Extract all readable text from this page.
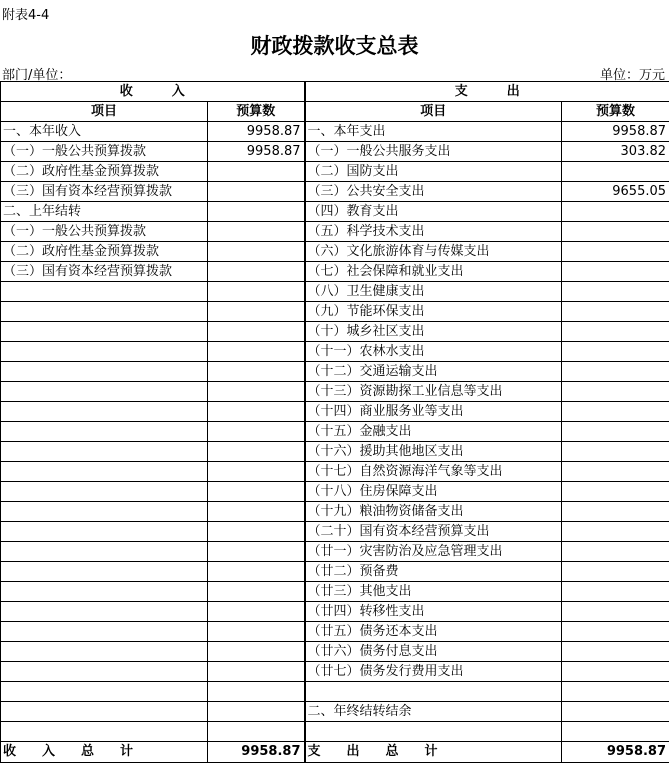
附表4-4
财政拨款收支总表
部门/单位：	单位：万元
收　　　入		支　　　出	
项目	预算数	项目	预算数
一、本年收入	9958.87	一、本年支出	9958.87
（一）一般公共预算拨款	9958.87	（一）一般公共服务支出	303.82
（二）政府性基金预算拨款		（二）国防支出	
（三）国有资本经营预算拨款		（三）公共安全支出	9655.05
二、上年结转		（四）教育支出	
（一）一般公共预算拨款		（五）科学技术支出	
（二）政府性基金预算拨款		（六）文化旅游体育与传媒支出	
（三）国有资本经营预算拨款		（七）社会保障和就业支出	
		（八）卫生健康支出	
		（九）节能环保支出	
		（十）城乡社区支出	
		（十一）农林水支出	
		（十二）交通运输支出	
		（十三）资源勘探工业信息等支出	
		（十四）商业服务业等支出	
		（十五）金融支出	
		（十六）援助其他地区支出	
		（十七）自然资源海洋气象等支出	
		（十八）住房保障支出	
		（十九）粮油物资储备支出	
		（二十）国有资本经营预算支出	
		（廿一）灾害防治及应急管理支出	
		（廿二）预备费	
		（廿三）其他支出	
		（廿四）转移性支出	
		（廿五）债务还本支出	
		（廿六）债务付息支出	
		（廿七）债务发行费用支出	

		二、年终结转结余	

收　　入　　总　　计	9958.87	支　　出　　总　　计	9958.87
